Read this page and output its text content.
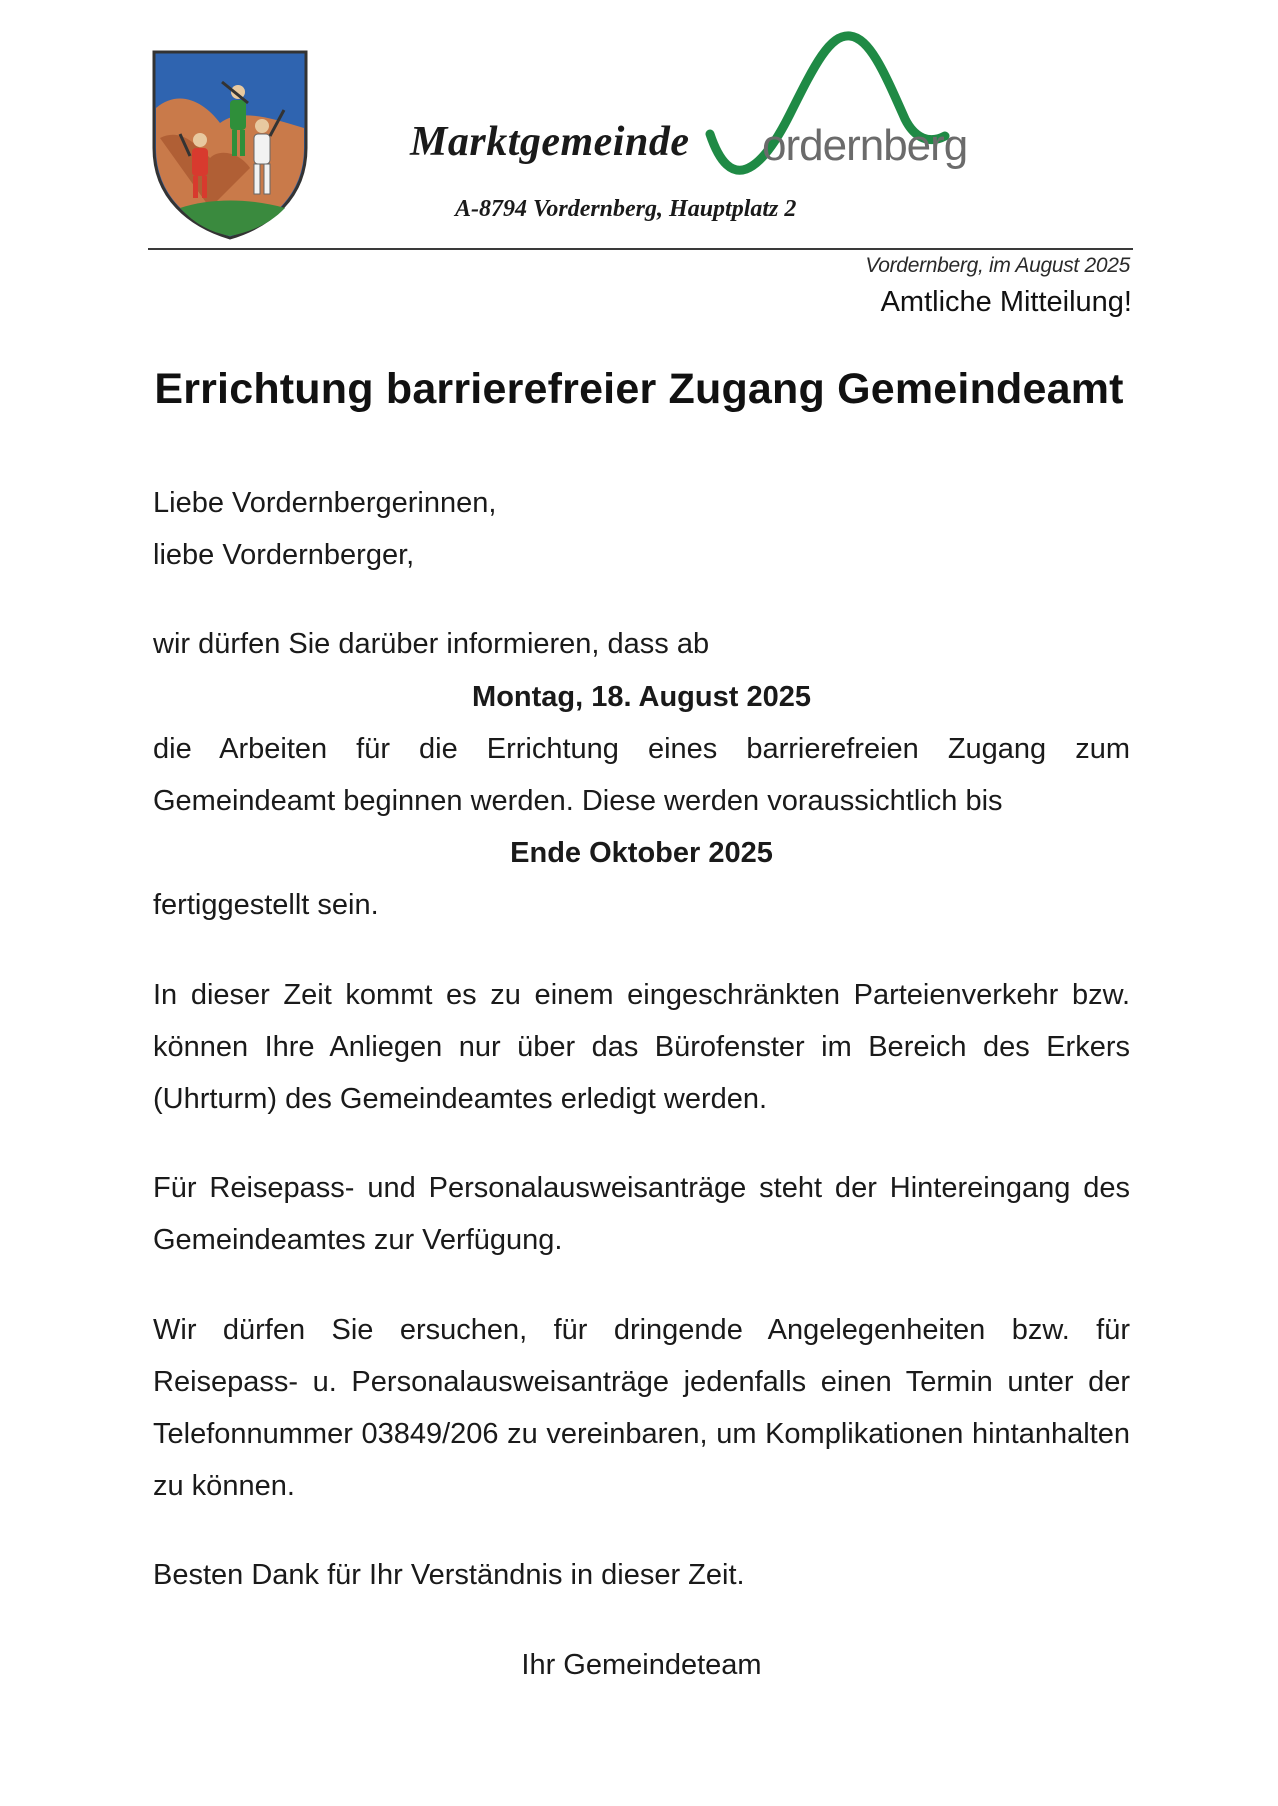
Marktgemeinde ordernberg
A-8794 Vordernberg, Hauptplatz 2
Vordernberg, im August 2025
Amtliche Mitteilung!
Errichtung barrierefreier Zugang Gemeindeamt

Liebe Vordernbergerinnen,

liebe Vordernberger,

wir dürfen Sie darüber informieren, dass ab

Montag, 18. August 2025

die Arbeiten für die Errichtung eines barrierefreien Zugang zum Gemeindeamt beginnen werden. Diese werden voraussichtlich bis

Ende Oktober 2025

fertiggestellt sein.

In dieser Zeit kommt es zu einem eingeschränkten Parteienverkehr bzw. können Ihre Anliegen nur über das Bürofenster im Bereich des Erkers (Uhrturm) des Gemeindeamtes erledigt werden.

Für Reisepass- und Personalausweisanträge steht der Hintereingang des Gemeindeamtes zur Verfügung.

Wir dürfen Sie ersuchen, für dringende Angelegenheiten bzw. für Reisepass- u. Personalausweisanträge jedenfalls einen Termin unter der Telefonnummer 03849/206 zu vereinbaren, um Komplikationen hintanhalten zu können.

Besten Dank für Ihr Verständnis in dieser Zeit.

Ihr Gemeindeteam
